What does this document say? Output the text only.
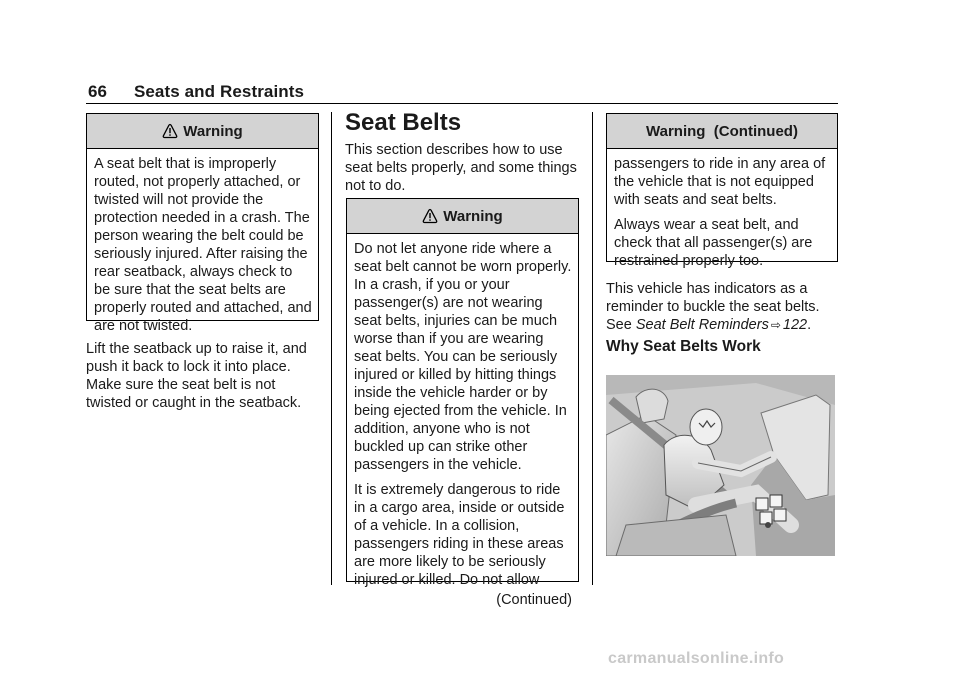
66 Seats and Restraints
Warning

A seat belt that is improperly routed, not properly attached, or twisted will not provide the protection needed in a crash. The person wearing the belt could be seriously injured. After raising the rear seatback, always check to be sure that the seat belts are properly routed and attached, and are not twisted.

Lift the seatback up to raise it, and push it back to lock it into place. Make sure the seat belt is not twisted or caught in the seatback.

Seat Belts

This section describes how to use seat belts properly, and some things not to do.

Warning

Do not let anyone ride where a seat belt cannot be worn properly. In a crash, if you or your passenger(s) are not wearing seat belts, injuries can be much worse than if you are wearing seat belts. You can be seriously injured or killed by hitting things inside the vehicle harder or by being ejected from the vehicle. In addition, anyone who is not buckled up can strike other passengers in the vehicle.

It is extremely dangerous to ride in a cargo area, inside or outside of a vehicle. In a collision, passengers riding in these areas are more likely to be seriously injured or killed. Do not allow

(Continued)

Warning  (Continued)

passengers to ride in any area of the vehicle that is not equipped with seats and seat belts.

Always wear a seat belt, and check that all passenger(s) are restrained properly too.

This vehicle has indicators as a reminder to buckle the seat belts. See Seat Belt Reminders ⇨ 122.

Why Seat Belts Work
carmanualsonline.info
